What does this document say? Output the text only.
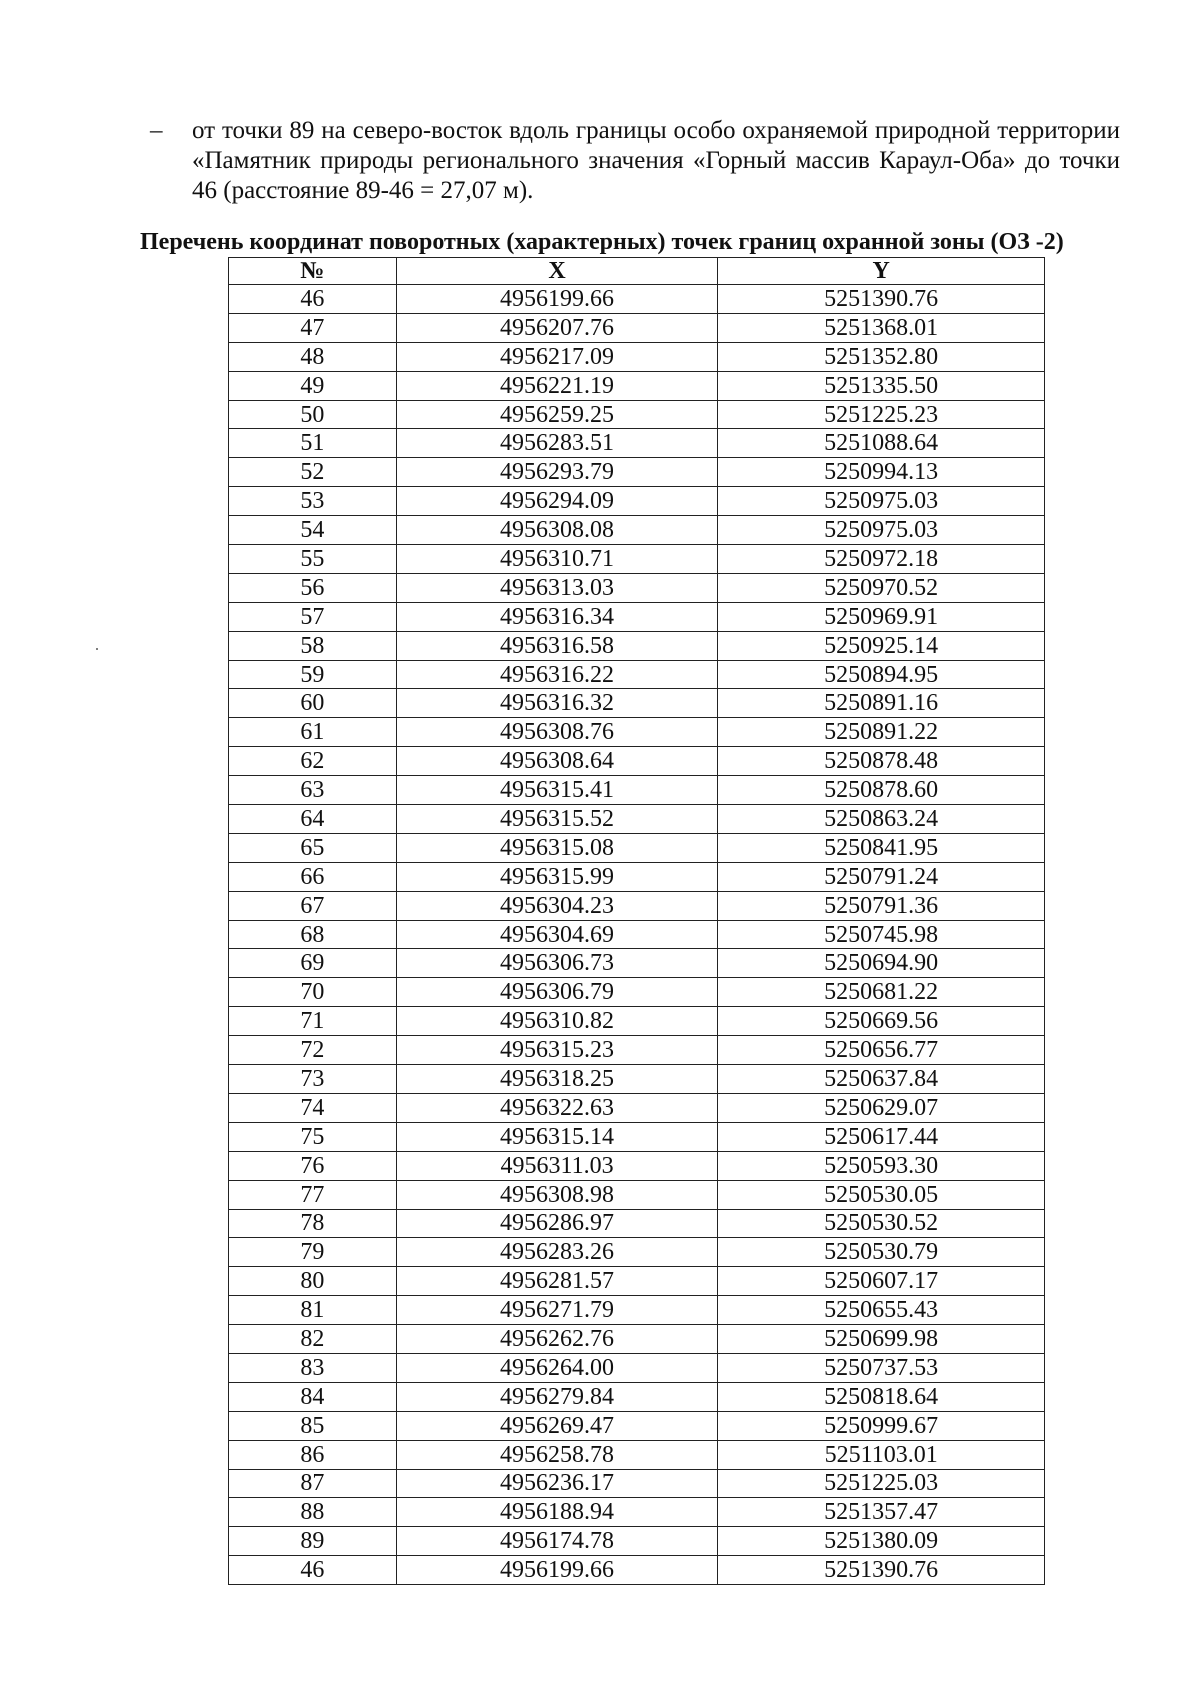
– от точки 89 на северо-восток вдоль границы особо охраняемой природной территории «Памятник природы регионального значения «Горный массив Караул-Оба» до точки 46 (расстояние 89-46 = 27,07 м).
Перечень координат поворотных (характерных) точек границ охранной зоны (ОЗ -2)
№	X	Y
46	4956199.66	5251390.76
47	4956207.76	5251368.01
48	4956217.09	5251352.80
49	4956221.19	5251335.50
50	4956259.25	5251225.23
51	4956283.51	5251088.64
52	4956293.79	5250994.13
53	4956294.09	5250975.03
54	4956308.08	5250975.03
55	4956310.71	5250972.18
56	4956313.03	5250970.52
57	4956316.34	5250969.91
58	4956316.58	5250925.14
59	4956316.22	5250894.95
60	4956316.32	5250891.16
61	4956308.76	5250891.22
62	4956308.64	5250878.48
63	4956315.41	5250878.60
64	4956315.52	5250863.24
65	4956315.08	5250841.95
66	4956315.99	5250791.24
67	4956304.23	5250791.36
68	4956304.69	5250745.98
69	4956306.73	5250694.90
70	4956306.79	5250681.22
71	4956310.82	5250669.56
72	4956315.23	5250656.77
73	4956318.25	5250637.84
74	4956322.63	5250629.07
75	4956315.14	5250617.44
76	4956311.03	5250593.30
77	4956308.98	5250530.05
78	4956286.97	5250530.52
79	4956283.26	5250530.79
80	4956281.57	5250607.17
81	4956271.79	5250655.43
82	4956262.76	5250699.98
83	4956264.00	5250737.53
84	4956279.84	5250818.64
85	4956269.47	5250999.67
86	4956258.78	5251103.01
87	4956236.17	5251225.03
88	4956188.94	5251357.47
89	4956174.78	5251380.09
46	4956199.66	5251390.76
